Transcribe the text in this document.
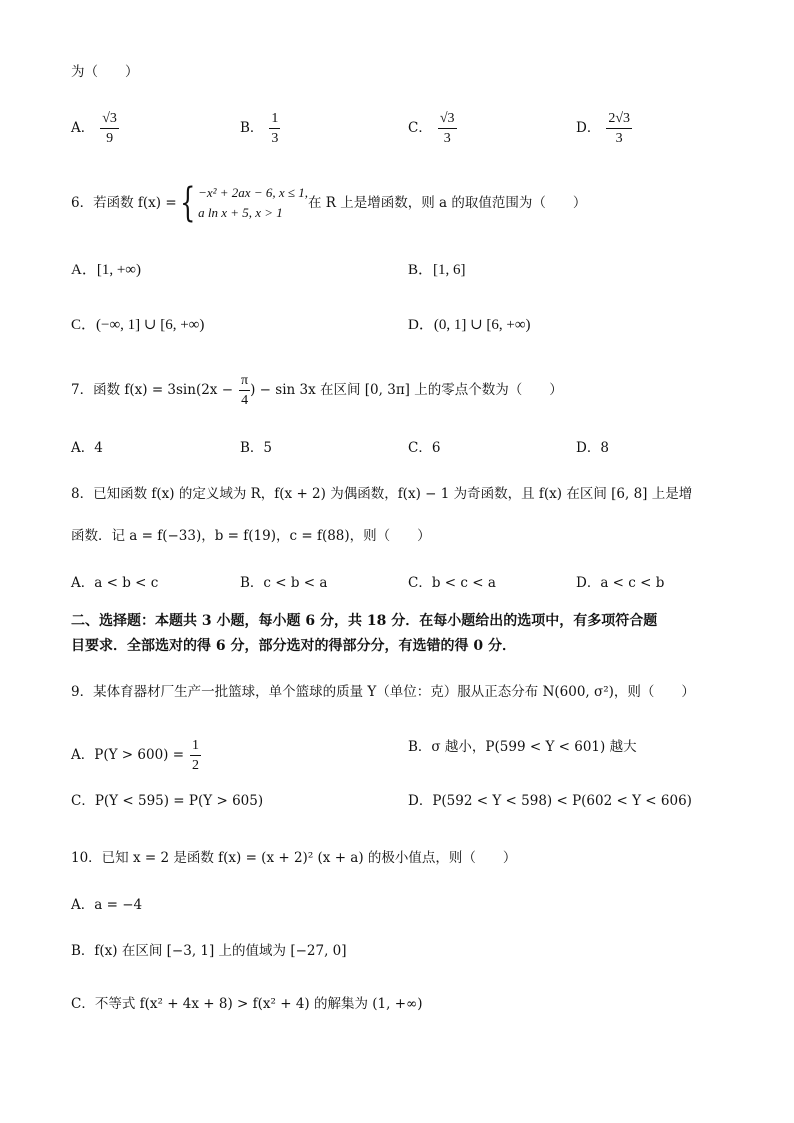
为（　　）
A． $\frac{√3}{9}$	B． $\frac{1}{3}$	C． $\frac{√3}{3}$	D． $\frac{2√3}{3}$
6．若函数 f(x) = { −x² + 2ax − 6, x ≤ 1,
a ln x + 5, x > 1
在 R 上是增函数，则 a 的取值范围为（　　）
A．[1, +∞)	B．[1, 6]
C．(−∞, 1] ∪ [6, +∞)	D．(0, 1] ∪ [6, +∞)
7．函数 $f(x) = 3\sin(2x - \frac{\pi}{4}$ ) − sin 3x 在区间 [0, 3π] 上的零点个数为（　　）
A．4	B．5	C．6	D．8
8．已知函数 f(x) 的定义域为 R，f(x + 2) 为偶函数，f(x) − 1 为奇函数，且 f(x) 在区间 [6, 8] 上是增
函数．记 a = f(−33)，b = f(19)，c = f(88)，则（　　）
A．a < b < c	B．c < b < a	C．b < c < a	D．a < c < b
二、选择题：本题共 3 小题，每小题 6 分，共 18 分．在每小题给出的选项中，有多项符合题
目要求．全部选对的得 6 分，部分选对的得部分分，有选错的得 0 分．
9．某体育器材厂生产一批篮球，单个篮球的质量 Y（单位：克）服从正态分布 N(600, σ²)，则（　　）
A．$P(Y > 600) = \frac{1}{2}$	B．σ 越小，P(599 < Y < 601) 越大
C．P(Y < 595) = P(Y > 605)	D．P(592 < Y < 598) < P(602 < Y < 606)
10．已知 x = 2 是函数 f(x) = (x + 2)² (x + a) 的极小值点，则（　　）
A．a = −4
B．f(x) 在区间 [−3, 1] 上的值域为 [−27, 0]
C．不等式 f(x² + 4x + 8) > f(x² + 4) 的解集为 (1, +∞)
